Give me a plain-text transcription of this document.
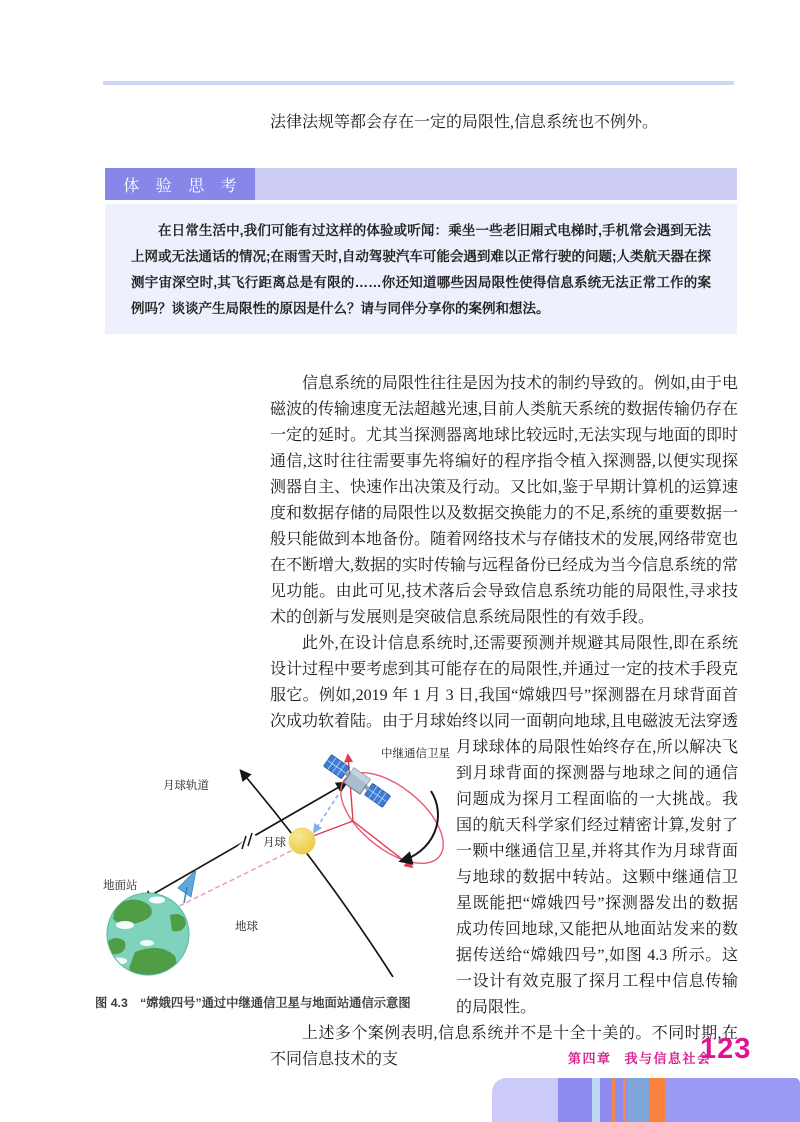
法律法规等都会存在一定的局限性,信息系统也不例外。
体 验 思 考

在日常生活中,我们可能有过这样的体验或听闻：乘坐一些老旧厢式电梯时,手机常会遇到无法上网或无法通话的情况;在雨雪天时,自动驾驶汽车可能会遇到难以正常行驶的问题;人类航天器在探测宇宙深空时,其飞行距离总是有限的……你还知道哪些因局限性使得信息系统无法正常工作的案例吗？谈谈产生局限性的原因是什么？请与同伴分享你的案例和想法。

信息系统的局限性往往是因为技术的制约导致的。例如,由于电磁波的传输速度无法超越光速,目前人类航天系统的数据传输仍存在一定的延时。尤其当探测器离地球比较远时,无法实现与地面的即时通信,这时往往需要事先将编好的程序指令植入探测器,以便实现探测器自主、快速作出决策及行动。又比如,鉴于早期计算机的运算速度和数据存储的局限性以及数据交换能力的不足,系统的重要数据一般只能做到本地备份。随着网络技术与存储技术的发展,网络带宽也在不断增大,数据的实时传输与远程备份已经成为当今信息系统的常见功能。由此可见,技术落后会导致信息系统功能的局限性,寻求技术的创新与发展则是突破信息系统局限性的有效手段。

此外,在设计信息系统时,还需要预测并规避其局限性,即在系统设计过程中要考虑到其可能存在的局限性,并通过一定的技术手段克服它。例如,2019 年 1 月 3 日,我国“嫦娥四号”探测器在月球背面首次成功软着陆。由于月球始终以同一面朝向地球,且电磁波无法穿透
中继通信卫星
月球轨道
月球
地面站
地球
图 4.3　“嫦娥四号”通过中继通信卫星与地面站通信示意图
月球球体的局限性始终存在,所以解决飞到月球背面的探测器与地球之间的通信问题成为探月工程面临的一大挑战。我国的航天科学家们经过精密计算,发射了一颗中继通信卫星,并将其作为月球背面与地球的数据中转站。这颗中继通信卫星既能把“嫦娥四号”探测器发出的数据成功传回地球,又能把从地面站发来的数据传送给“嫦娥四号”,如图 4.3 所示。这一设计有效克服了探月工程中信息传输的局限性。

上述多个案例表明,信息系统并不是十全十美的。不同时期,在不同信息技术的支	第四章 我与信息社会
123
